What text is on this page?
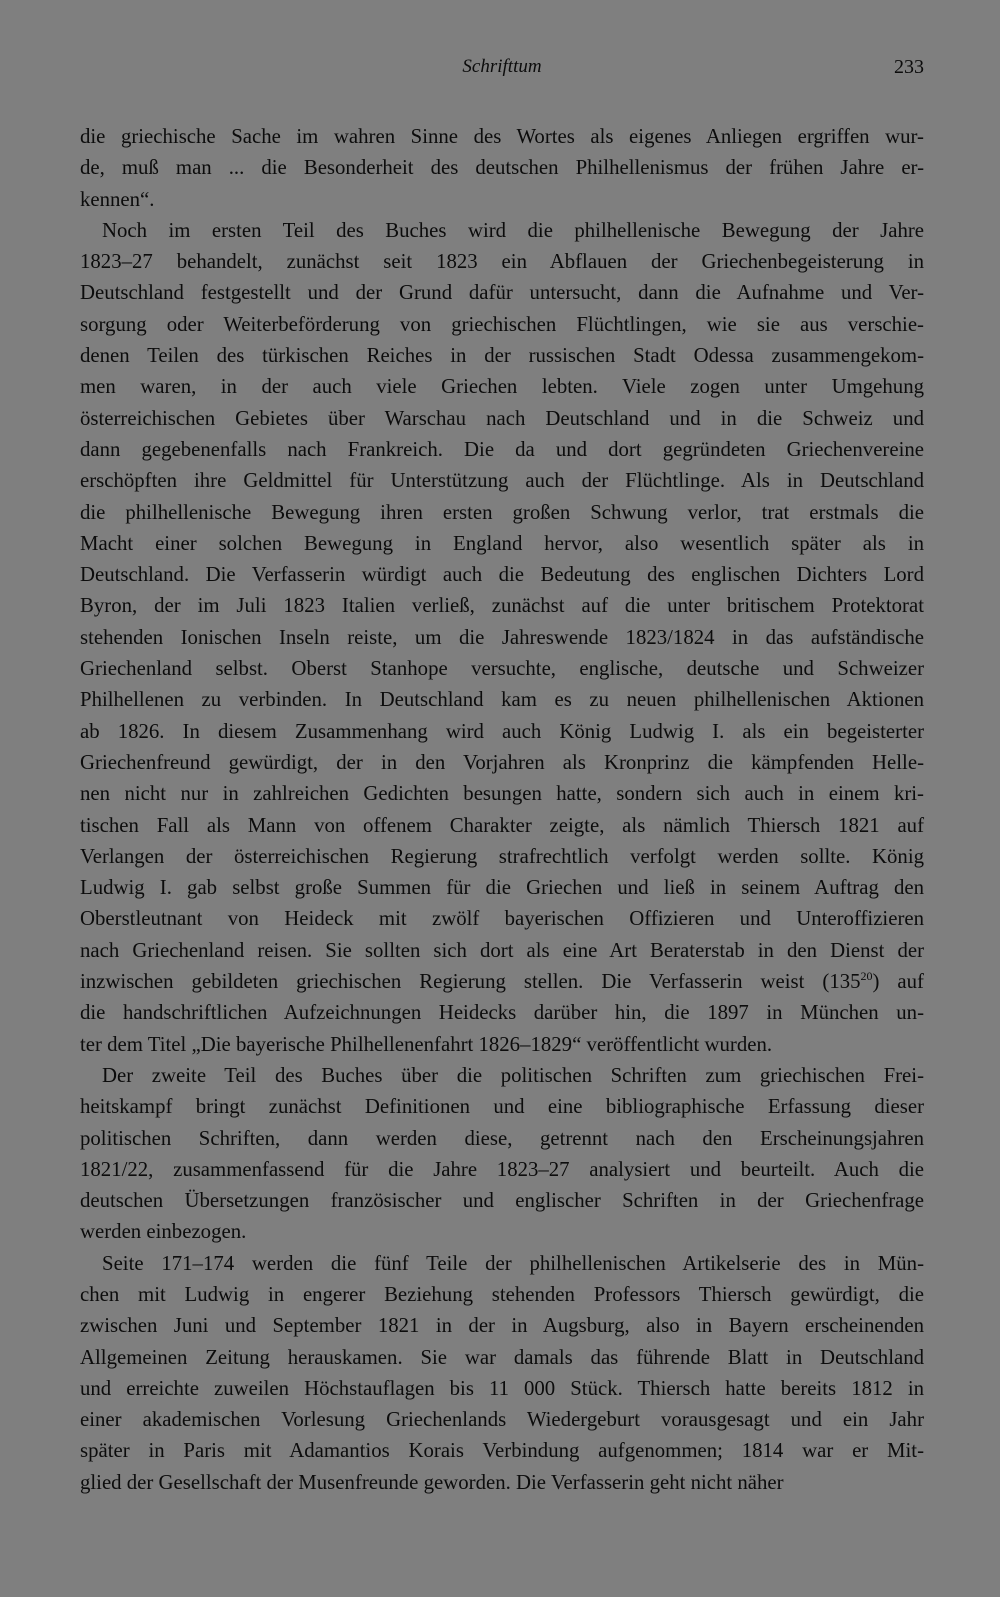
Schrifttum	233
die griechische Sache im wahren Sinne des Wortes als eigenes Anliegen ergriffen wur-
de, muß man ... die Besonderheit des deutschen Philhellenismus der frühen Jahre er-
kennen“.
Noch im ersten Teil des Buches wird die philhellenische Bewegung der Jahre
1823–27 behandelt, zunächst seit 1823 ein Abflauen der Griechenbegeisterung in
Deutschland festgestellt und der Grund dafür untersucht, dann die Aufnahme und Ver-
sorgung oder Weiterbeförderung von griechischen Flüchtlingen, wie sie aus verschie-
denen Teilen des türkischen Reiches in der russischen Stadt Odessa zusammengekom-
men waren, in der auch viele Griechen lebten. Viele zogen unter Umgehung
österreichischen Gebietes über Warschau nach Deutschland und in die Schweiz und
dann gegebenenfalls nach Frankreich. Die da und dort gegründeten Griechenvereine
erschöpften ihre Geldmittel für Unterstützung auch der Flüchtlinge. Als in Deutschland
die philhellenische Bewegung ihren ersten großen Schwung verlor, trat erstmals die
Macht einer solchen Bewegung in England hervor, also wesentlich später als in
Deutschland. Die Verfasserin würdigt auch die Bedeutung des englischen Dichters Lord
Byron, der im Juli 1823 Italien verließ, zunächst auf die unter britischem Protektorat
stehenden Ionischen Inseln reiste, um die Jahreswende 1823/1824 in das aufständische
Griechenland selbst. Oberst Stanhope versuchte, englische, deutsche und Schweizer
Philhellenen zu verbinden. In Deutschland kam es zu neuen philhellenischen Aktionen
ab 1826. In diesem Zusammenhang wird auch König Ludwig I. als ein begeisterter
Griechenfreund gewürdigt, der in den Vorjahren als Kronprinz die kämpfenden Helle-
nen nicht nur in zahlreichen Gedichten besungen hatte, sondern sich auch in einem kri-
tischen Fall als Mann von offenem Charakter zeigte, als nämlich Thiersch 1821 auf
Verlangen der österreichischen Regierung strafrechtlich verfolgt werden sollte. König
Ludwig I. gab selbst große Summen für die Griechen und ließ in seinem Auftrag den
Oberstleutnant von Heideck mit zwölf bayerischen Offizieren und Unteroffizieren
nach Griechenland reisen. Sie sollten sich dort als eine Art Beraterstab in den Dienst der
inzwischen gebildeten griechischen Regierung stellen. Die Verfasserin weist $(135^{20})$ auf
die handschriftlichen Aufzeichnungen Heidecks darüber hin, die 1897 in München un-
ter dem Titel „Die bayerische Philhellenenfahrt 1826–1829“ veröffentlicht wurden.
Der zweite Teil des Buches über die politischen Schriften zum griechischen Frei-
heitskampf bringt zunächst Definitionen und eine bibliographische Erfassung dieser
politischen Schriften, dann werden diese, getrennt nach den Erscheinungsjahren
1821/22, zusammenfassend für die Jahre 1823–27 analysiert und beurteilt. Auch die
deutschen Übersetzungen französischer und englischer Schriften in der Griechenfrage
werden einbezogen.
Seite 171–174 werden die fünf Teile der philhellenischen Artikelserie des in Mün-
chen mit Ludwig in engerer Beziehung stehenden Professors Thiersch gewürdigt, die
zwischen Juni und September 1821 in der in Augsburg, also in Bayern erscheinenden
Allgemeinen Zeitung herauskamen. Sie war damals das führende Blatt in Deutschland
und erreichte zuweilen Höchstauflagen bis 11 000 Stück. Thiersch hatte bereits 1812 in
einer akademischen Vorlesung Griechenlands Wiedergeburt vorausgesagt und ein Jahr
später in Paris mit Adamantios Korais Verbindung aufgenommen; 1814 war er Mit-
glied der Gesellschaft der Musenfreunde geworden. Die Verfasserin geht nicht näher
